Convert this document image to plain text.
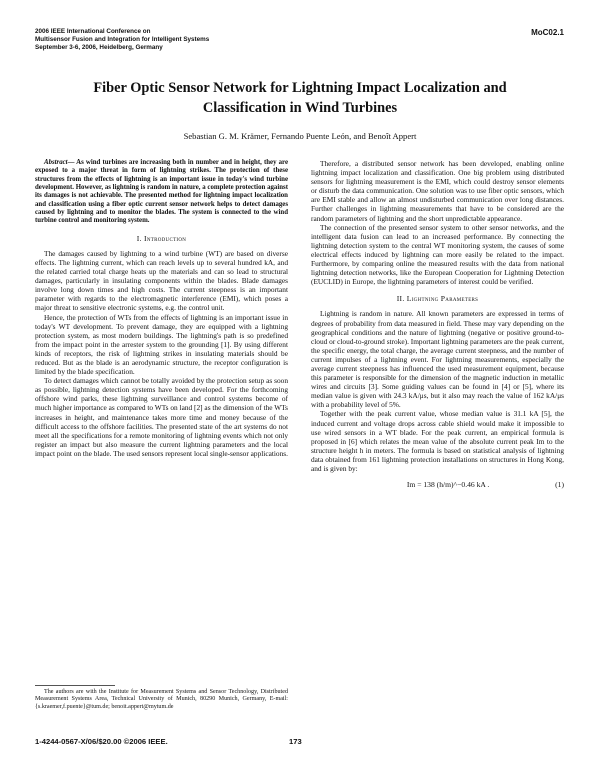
2006 IEEE International Conference on
Multisensor Fusion and Integration for Intelligent Systems
September 3-6, 2006, Heidelberg, Germany
MoC02.1
Fiber Optic Sensor Network for Lightning Impact Localization and
Classification in Wind Turbines
Sebastian G. M. Krämer, Fernando Puente León, and Benoît Appert

Abstract— As wind turbines are increasing both in number and in height, they are exposed to a major threat in form of lightning strikes. The protection of these structures from the effects of lightning is an important issue in today's wind turbine development. However, as lightning is random in nature, a complete protection against its damages is not achievable. The presented method for lightning impact localization and classification using a fiber optic current sensor network helps to detect damages caused by lightning and to monitor the blades. The system is connected to the wind turbine control and monitoring system.

I. Introduction

The damages caused by lightning to a wind turbine (WT) are based on diverse effects. The lightning current, which can reach levels up to several hundred kA, and the related carried total charge heats up the materials and can so lead to structural damages, particularly in insulating components within the blades. Blade damages involve long down times and high costs. The current steepness is an important parameter with regards to the electromagnetic interference (EMI), which poses a major threat to sensitive electronic systems, e.g. the control unit.

Hence, the protection of WTs from the effects of lightning is an important issue in today's WT development. To prevent damage, they are equipped with a lightning protection system, as most modern buildings. The lightning's path is so predefined from the impact point in the arrester system to the grounding [1]. By using different kinds of receptors, the risk of lightning strikes in insulating materials should be reduced. But as the blade is an aerodynamic structure, the receptor configuration is limited by the blade specification.

To detect damages which cannot be totally avoided by the protection setup as soon as possible, lightning detection systems have been developed. For the forthcoming offshore wind parks, these lightning surveillance and control systems become of much higher importance as compared to WTs on land [2] as the dimension of the WTs increases in height, and maintenance takes more time and money because of the difficult access to the offshore facilities. The presented state of the art systems do not meet all the specifications for a remote monitoring of lightning events which not only register an impact but also measure the current lightning parameters and the local impact point on the blade. The used sensors represent local single-sensor applications.

The authors are with the Institute for Measurement Systems and Sensor Technology, Distributed Measurement Systems Area, Technical University of Munich, 80290 Munich, Germany, E-mail: {s.kraemer,f.puente}@tum.de; benoit.appert@mytum.de

Therefore, a distributed sensor network has been developed, enabling online lightning impact localization and classification. One big problem using distributed sensors for lightning measurement is the EMI, which could destroy sensor elements or disturb the data communication. One solution was to use fiber optic sensors, which are EMI stable and allow an almost undisturbed communication over long distances. Further challenges in lightning measurements that have to be considered are the random parameters of lightning and the short unpredictable appearance.

The connection of the presented sensor system to other sensor networks, and the intelligent data fusion can lead to an increased performance. By connecting the lightning detection system to the central WT monitoring system, the causes of some electrical effects induced by lightning can more easily be related to the impact. Furthermore, by comparing online the measured results with the data from national lightning detection networks, like the European Cooperation for Lightning Detection (EUCLID) in Europe, the lightning parameters of interest could be verified.

II. Lightning Parameters

Lightning is random in nature. All known parameters are expressed in terms of degrees of probability from data measured in field. These may vary depending on the geographical conditions and the nature of lightning (negative or positive ground-to-cloud or cloud-to-ground stroke). Important lightning parameters are the peak current, the specific energy, the total charge, the average current steepness, and the number of current impulses of a lightning event. For lightning measurements, especially the average current steepness has influenced the used measurement equipment, because this parameter is responsible for the dimension of the magnetic induction in metallic wires and circuits [3]. Some guiding values can be found in [4] or [5], where its median value is given with 24.3 kA/μs, but it also may reach the value of 162 kA/μs with a probability level of 5%.

Together with the peak current value, whose median value is 31.1 kA [5], the induced current and voltage drops across cable shield would make it impossible to use wired sensors in a WT blade. For the peak current, an empirical formula is proposed in [6] which relates the mean value of the absolute current peak Im to the structure height h in meters. The formula is based on statistical analysis of lightning data obtained from 161 lightning protection installations on structures in Hong Kong, and is given by:

Im = 138 (h/m)^−0.46 kA .	(1)
1-4244-0567-X/06/$20.00 ©2006 IEEE.	173
